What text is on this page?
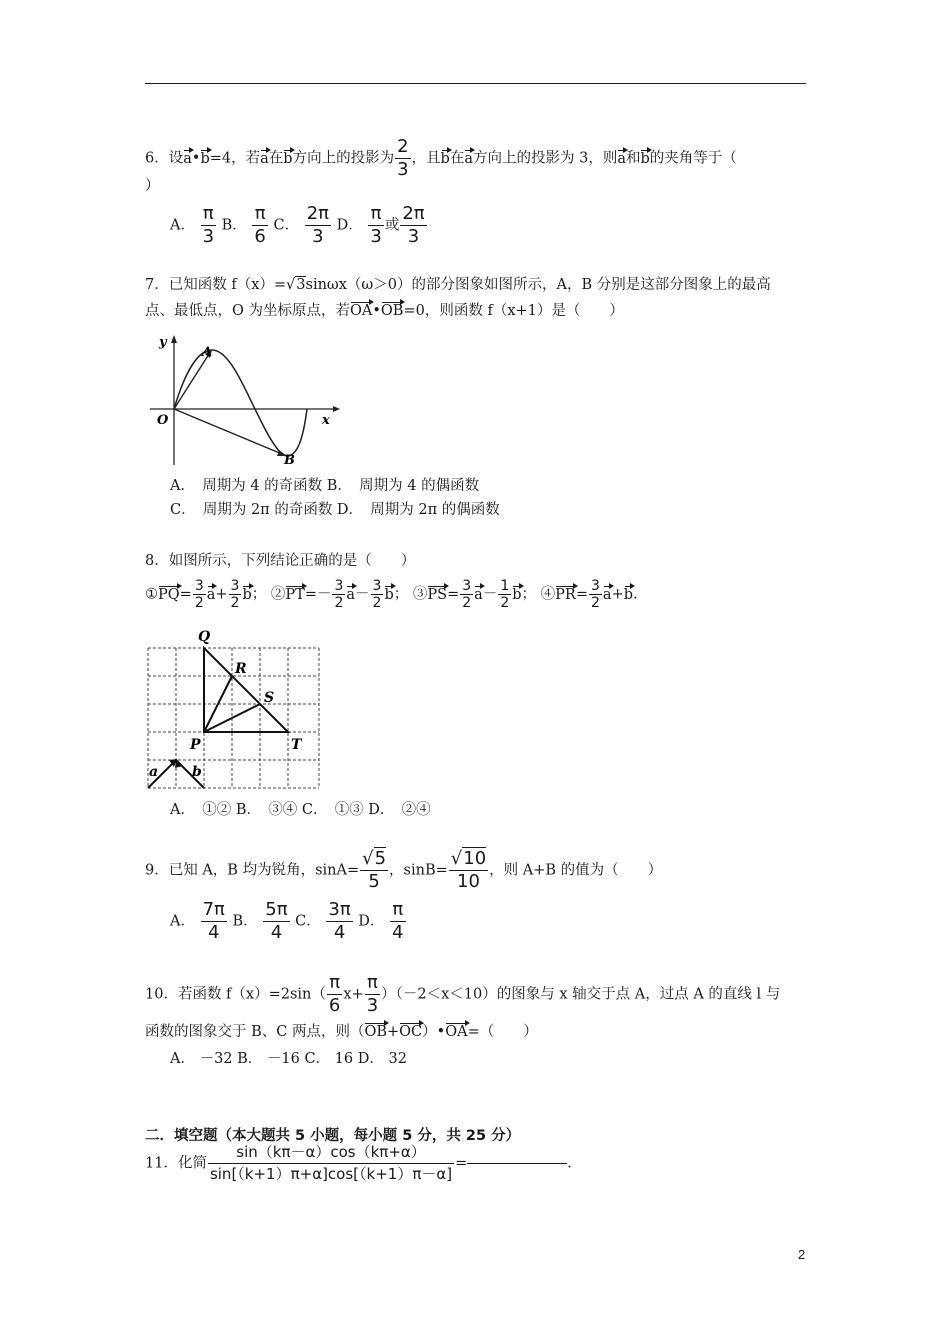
6．设a•b=4，若a在b方向上的投影为 $\frac{2}{3}$ ，且b在a方向上的投影为 3，则a和b的夹角等于（
）
A． $\frac{\pi}{3}$ B． $\frac{\pi}{6}$ C． $\frac{2\pi}{3}$ D． $\frac{\pi}{3}$ 或 $\frac{2\pi}{3}$
7．已知函数 f（x）=√3sinωx（ω＞0）的部分图象如图所示，A，B 分别是这部分图象上的最高
点、最低点，O 为坐标原点，若OA•OB=0，则函数 f（x+1）是（　　）
y
x
O
A
B
A．　周期为 4 的奇函数 B．　周期为 4 的偶函数
C．　周期为 2π 的奇函数 D．　周期为 2π 的偶函数
8．如图所示，下列结论正确的是（　　）
①PQ= $\frac{3}{2} a+ \frac{3}{2}$ b； ②PT=－ $\frac{3}{2} a- \frac{3}{2}$ b； ③PS= $\frac{3}{2} a- \frac{1}{2}$ b； ④PR= $\frac{3}{2} a+b$.
Q
R
S
P	T
a b
A．　①② B．　③④ C．　①③ D．　②④
9．已知 A，B 均为锐角，$\sin A= \frac{√5}{5}$ ，$\sin B= \frac{√10}{10}$ ，则 A+B 的值为（　　）
A． $\frac{7\pi}{4}$ B． $\frac{5\pi}{4}$ C． $\frac{3\pi}{4}$ D． $\frac{\pi}{4}$
10．若函数 $f(x)=2\sin( \frac{\pi}{6} x+ \frac{\pi}{3} )(-2<x<10)$的图象与 x 轴交于点 A，过点 A 的直线 l 与
函数的图象交于 B、C 两点，则（OB+OC）•OA=（　　）
A． －32 B． －16 C． 16 D． 32
二．填空题（本大题共 5 小题，每小题 5 分，共 25 分）
11．化简 $\frac{\sin(k\pi-\alpha)\cos(k\pi+\alpha)}{\sin[(k+1)\pi+\alpha]\cos[(k+1)\pi-\alpha]}$ =	．
2
